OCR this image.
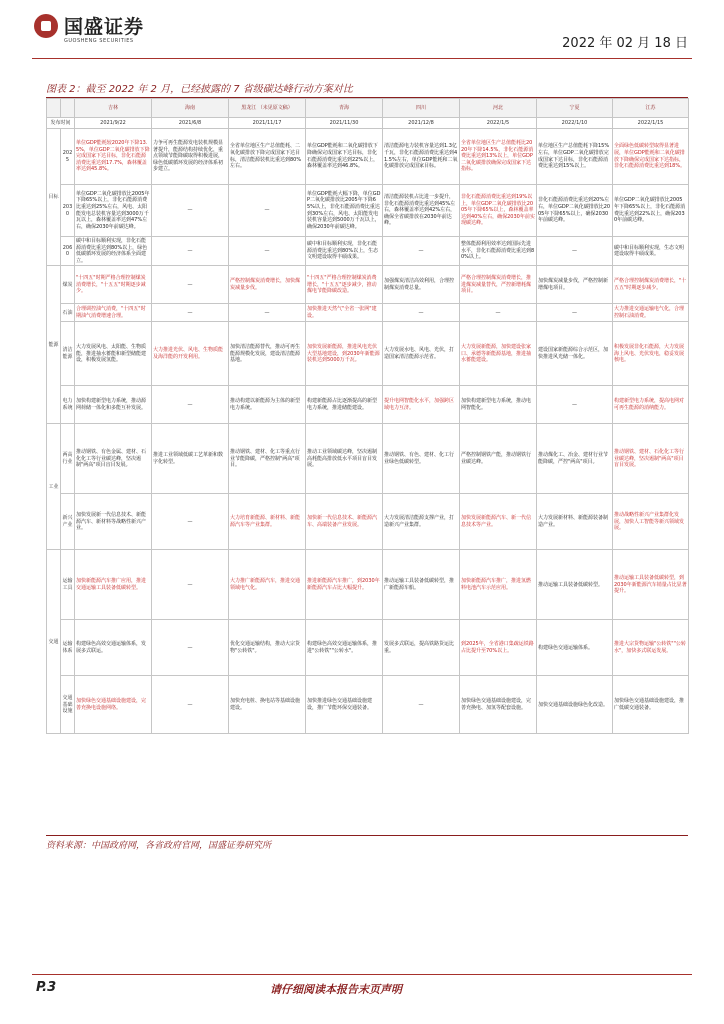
国盛证券
GUOSHENG SECURITIES	2022 年 02 月 18 日
图表 2：截至 2022 年 2 月，已经披露的 7 省级碳达峰行动方案对比
		吉林	海南	黑龙江 （未见原文稿）	青海	四川	河北	宁夏	江苏
发布时间		2021/9/22	2021/6/8	2021/11/17	2021/11/30	2021/12/8	2022/1/5	2022/1/10	2022/1/15
目标	2025	单位GDP能耗较2020年下降13.5%，单位GDP二氧化碳排放下降完成国家下达目标，非化石能源消费比重达到17.7%，森林覆盖率达到45.8%。	力争可再生能源发电装机规模显著提升，能源结构持续优化，重点领域节能降碳取得积极进展，绿色低碳循环发展的经济体系初步建立。	全省单位地区生产总值能耗、二氧化碳排放下降完成国家下达目标，清洁能源装机比重达到80%左右。	单位GDP能耗和二氧化碳排放下降确保完成国家下达目标，非化石能源消费比重达到22%以上，森林覆盖率达到46.8%。	清洁能源电力装机容量达到1.3亿千瓦，非化石能源消费比重达到41.5%左右，单位GDP能耗和二氧化碳排放完成国家目标。	全省单位地区生产总值能耗比2020年下降14.5%，非化石能源消费比重达到13%以上，单位GDP二氧化碳排放确保完成国家下达指标。	单位地区生产总值能耗下降15%左右，单位GDP二氧化碳排放完成国家下达目标，非化石能源消费比重达到15%以上。	全面绿色低碳转型取得显著进展，单位GDP能耗和二氧化碳排放下降确保完成国家下达指标，非化石能源消费比重达到18%。
	2030	单位GDP二氧化碳排放比2005年下降65%以上，非化石能源消费比重达到25%左右，风电、太阳能发电总装机容量达到3000万千瓦以上，森林覆盖率达到47%左右，确保2030年前碳达峰。	—	—	单位GDP能耗大幅下降，单位GDP二氧化碳排放比2005年下降65%以上，非化石能源消费比重达到30%左右，风电、太阳能发电装机容量达到5000万千瓦以上，确保2030年前碳达峰。	清洁能源装机占比进一步提升，非化石能源消费比重达到45%左右，森林覆盖率达到42%左右，确保全省碳排放在2030年前达峰。	非化石能源消费比重达到19%以上，单位GDP二氧化碳排放比2005年下降65%以上，森林覆盖率达到40%左右，确保2030年前实现碳达峰。	非化石能源消费比重达到20%左右，单位GDP二氧化碳排放比2005年下降65%以上，确保2030年前碳达峰。	单位GDP二氧化碳排放比2005年下降65%以上，非化石能源消费比重达到22%以上，确保2030年前碳达峰。
	2060	碳中和目标顺利实现，非化石能源消费比重达到80%以上，绿色低碳循环发展的经济体系全面建立。	—	—	碳中和目标顺利实现，非化石能源消费比重达到80%以上，生态文明建设取得丰硕成果。	—	整体能源利用效率达到国际先进水平，非化石能源消费比重达到80%以上。	—	碳中和目标顺利实现，生态文明建设取得丰硕成果。
能源	煤炭	"十四五"时期严格合理控制煤炭消费增长，"十五五"时期逐步减少。	—	严格控制煤炭消费增长，加快煤炭减量步伐。	"十四五"严格合理控制煤炭消费增长，"十五五"逐步减少，推动煤电节能降碳改造。	加强煤炭清洁高效利用，合理控制煤炭消费总量。	严格合理控制煤炭消费增长，推进煤炭减量替代，严控新增耗煤项目。	加快煤炭减量步伐，严格控制新增煤电项目。	严格合理控制煤炭消费增长，"十五五"时期逐步减少。
	石油	合理调控油气消费，"十四五"时期油气消费增速合理。	—	—	加快推进天然气"全省一张网"建设。	—	—	—	大力推进交通运输电气化，合理控制石油消费。
	清洁能源	大力发展风电、太阳能、生物质能，推进抽水蓄能和新型储能建设，积极发展氢能。	大力推进光伏、风电、生物质能及海洋能的开发利用。	加快清洁能源替代，推动可再生能源规模化发展，建设清洁能源基地。	加快发展新能源，推进风电光伏大型基地建设，到2030年新能源装机达到5000万千瓦。	大力发展水电、风电、光伏，打造国家清洁能源示范省。	大力发展新能源，加快建设张家口、承德等新能源基地，推进抽水蓄能建设。	建设国家新能源综合示范区，加快推进风光储一体化。	积极发展非化石能源，大力发展海上风电、光伏发电，稳妥发展核电。
	电力系统	加快构建新型电力系统，推动源网荷储一体化和多能互补发展。	—	推动构建以新能源为主体的新型电力系统。	构建新能源占比逐渐提高的新型电力系统，推进储能建设。	提升电网智能化水平，加强跨区域电力互济。	加快构建新型电力系统，推动电网智能化。	—	构建新型电力系统，提高电网对可再生能源的消纳能力。
工业	两高行业	推动钢铁、有色金属、建材、石化化工等行业碳达峰，坚决遏制"两高"项目盲目发展。	推进工业领域低碳工艺革新和数字化转型。	推动钢铁、建材、化工等重点行业节能降碳，严格控制"两高"项目。	推动工业领域碳达峰，坚决遏制高耗能高排放低水平项目盲目发展。	推动钢铁、有色、建材、化工行业绿色低碳转型。	严格控制钢铁产能，推动钢铁行业碳达峰。	推动煤化工、冶金、建材行业节能降碳，严控"两高"项目。	推动钢铁、建材、石化化工等行业碳达峰，坚决遏制"两高"项目盲目发展。
	新兴产业	加快发展新一代信息技术、新能源汽车、新材料等战略性新兴产业。	—	大力培育新能源、新材料、新能源汽车等产业集群。	加快新一代信息技术、新能源汽车、高端装备产业发展。	大力发展清洁能源支撑产业，打造新兴产业集群。	加快发展新能源汽车、新一代信息技术等产业。	大力发展新材料、新能源装备制造产业。	推动战略性新兴产业集群化发展，加快人工智能等新兴领域发展。
交通	运输工具	加快新能源汽车推广应用，推进交通运输工具装备低碳转型。	—	大力推广新能源汽车，推进交通领域电气化。	推进新能源汽车推广，到2030年新能源汽车占比大幅提升。	推动运输工具装备低碳转型，推广新能源车船。	加快新能源汽车推广，推进氢燃料电池汽车示范应用。	推动运输工具装备低碳转型。	推动运输工具装备低碳转型，到2030年新能源汽车销量占比显著提升。
	运输体系	构建绿色高效交通运输体系，发展多式联运。	—	优化交通运输结构，推动大宗货物"公转铁"。	构建绿色高效交通运输体系，推进"公转铁""公转水"。	发展多式联运，提高铁路货运比重。	到2025年，全省港口集疏运铁路占比提升至70%以上。	构建绿色交通运输体系。	推进大宗货物运输"公转铁""公转水"，加快多式联运发展。
	交通基础设施	加快绿色交通基础设施建设，完善充换电设施网络。	—	加快充电桩、换电站等基础设施建设。	加快推进绿色交通基础设施建设，推广节能环保交通装备。	—	加快绿色交通基础设施建设，完善充换电、加氢等配套设施。	加快交通基础设施绿色化改造。	加快绿色交通基础设施建设，推广低碳交通装备。
资料来源：中国政府网，各省政府官网，国盛证券研究所
P.3	请仔细阅读本报告末页声明
